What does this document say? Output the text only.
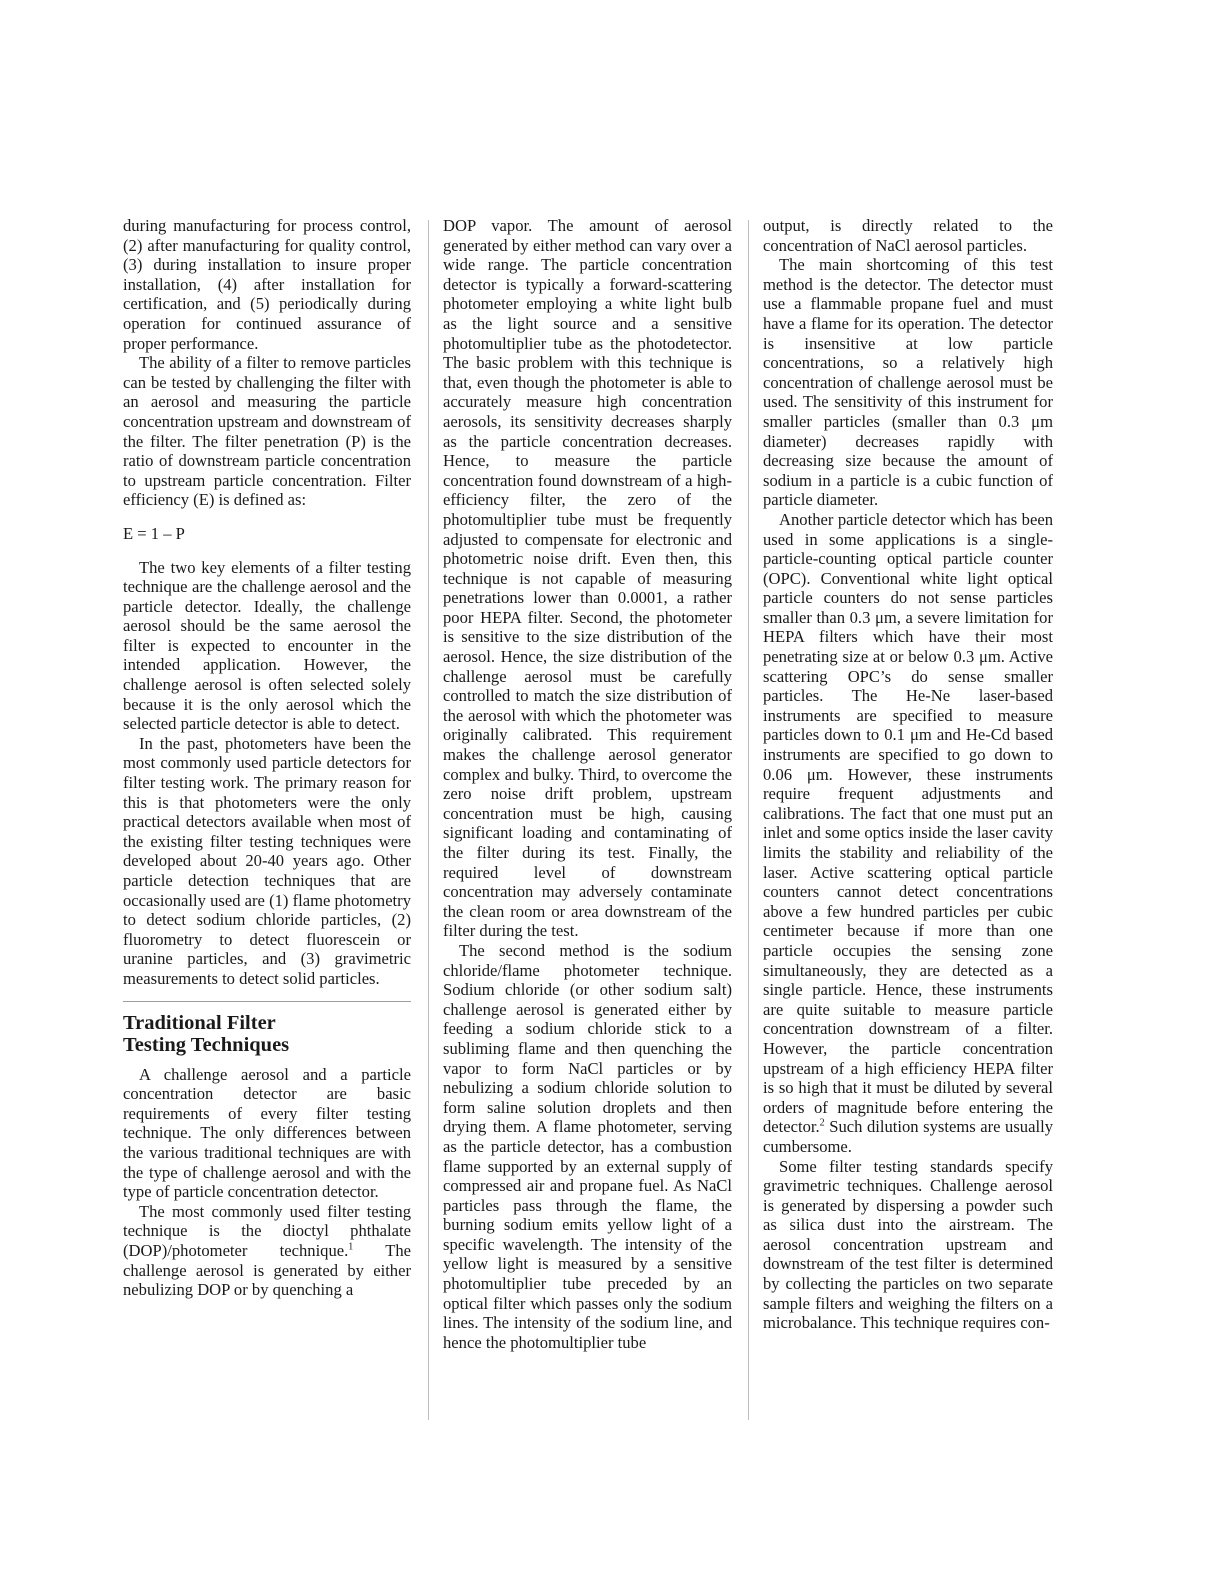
during manufacturing for process control, (2) after manufacturing for quality control, (3) during installation to insure proper installation, (4) after installation for certification, and (5) periodically during operation for continued assurance of proper performance.

The ability of a filter to remove particles can be tested by challenging the filter with an aerosol and measuring the particle concentration upstream and downstream of the filter. The filter penetration (P) is the ratio of downstream particle concentration to upstream particle concentration. Filter efficiency (E) is defined as:

E = 1 – P

The two key elements of a filter testing technique are the challenge aerosol and the particle detector. Ideally, the challenge aerosol should be the same aerosol the filter is expected to encounter in the intended application. However, the challenge aerosol is often selected solely because it is the only aerosol which the selected particle detector is able to detect.

In the past, photometers have been the most commonly used particle detectors for filter testing work. The primary reason for this is that photometers were the only practical detectors available when most of the existing filter testing techniques were developed about 20-40 years ago. Other particle detection techniques that are occasionally used are (1) flame photometry to detect sodium chloride particles, (2) fluorometry to detect fluorescein or uranine particles, and (3) gravimetric measurements to detect solid particles.

Traditional Filter
Testing Techniques

A challenge aerosol and a particle concentration detector are basic requirements of every filter testing technique. The only differences between the various traditional techniques are with the type of challenge aerosol and with the type of particle concentration detector.

The most commonly used filter testing technique is the dioctyl phthalate (DOP)/photometer technique.$^1$ The challenge aerosol is generated by either nebulizing DOP or by quenching a

DOP vapor. The amount of aerosol generated by either method can vary over a wide range. The particle concentration detector is typically a forward-scattering photometer employing a white light bulb as the light source and a sensitive photomultiplier tube as the photodetector. The basic problem with this technique is that, even though the photometer is able to accurately measure high concentration aerosols, its sensitivity decreases sharply as the particle concentration decreases. Hence, to measure the particle concentration found downstream of a high-efficiency filter, the zero of the photomultiplier tube must be frequently adjusted to compensate for electronic and photometric noise drift. Even then, this technique is not capable of measuring penetrations lower than 0.0001, a rather poor HEPA filter. Second, the photometer is sensitive to the size distribution of the aerosol. Hence, the size distribution of the challenge aerosol must be carefully controlled to match the size distribution of the aerosol with which the photometer was originally calibrated. This requirement makes the challenge aerosol generator complex and bulky. Third, to overcome the zero noise drift problem, upstream concentration must be high, causing significant loading and contaminating of the filter during its test. Finally, the required level of downstream concentration may adversely contaminate the clean room or area downstream of the filter during the test.

The second method is the sodium chloride/flame photometer technique. Sodium chloride (or other sodium salt) challenge aerosol is generated either by feeding a sodium chloride stick to a subliming flame and then quenching the vapor to form NaCl particles or by nebulizing a sodium chloride solution to form saline solution droplets and then drying them. A flame photometer, serving as the particle detector, has a combustion flame supported by an external supply of compressed air and propane fuel. As NaCl particles pass through the flame, the burning sodium emits yellow light of a specific wavelength. The intensity of the yellow light is measured by a sensitive photomultiplier tube preceded by an optical filter which passes only the sodium lines. The intensity of the sodium line, and hence the photomultiplier tube

output, is directly related to the concentration of NaCl aerosol particles.

The main shortcoming of this test method is the detector. The detector must use a flammable propane fuel and must have a flame for its operation. The detector is insensitive at low particle concentrations, so a relatively high concentration of challenge aerosol must be used. The sensitivity of this instrument for smaller particles (smaller than 0.3 μm diameter) decreases rapidly with decreasing size because the amount of sodium in a particle is a cubic function of particle diameter.

Another particle detector which has been used in some applications is a single-particle-counting optical particle counter (OPC). Conventional white light optical particle counters do not sense particles smaller than 0.3 μm, a severe limitation for HEPA filters which have their most penetrating size at or below 0.3 μm. Active scattering OPC’s do sense smaller particles. The He-Ne laser-based instruments are specified to measure particles down to 0.1 μm and He-Cd based instruments are specified to go down to 0.06 μm. However, these instruments require frequent adjustments and calibrations. The fact that one must put an inlet and some optics inside the laser cavity limits the stability and reliability of the laser. Active scattering optical particle counters cannot detect concentrations above a few hundred particles per cubic centimeter because if more than one particle occupies the sensing zone simultaneously, they are detected as a single particle. Hence, these instruments are quite suitable to measure particle concentration downstream of a filter. However, the particle concentration upstream of a high efficiency HEPA filter is so high that it must be diluted by several orders of magnitude before entering the detector.$^2$ Such dilution systems are usually cumbersome.

Some filter testing standards specify gravimetric techniques. Challenge aerosol is generated by dispersing a powder such as silica dust into the airstream. The aerosol concentration upstream and downstream of the test filter is determined by collecting the particles on two separate sample filters and weighing the filters on a microbalance. This technique requires con-
